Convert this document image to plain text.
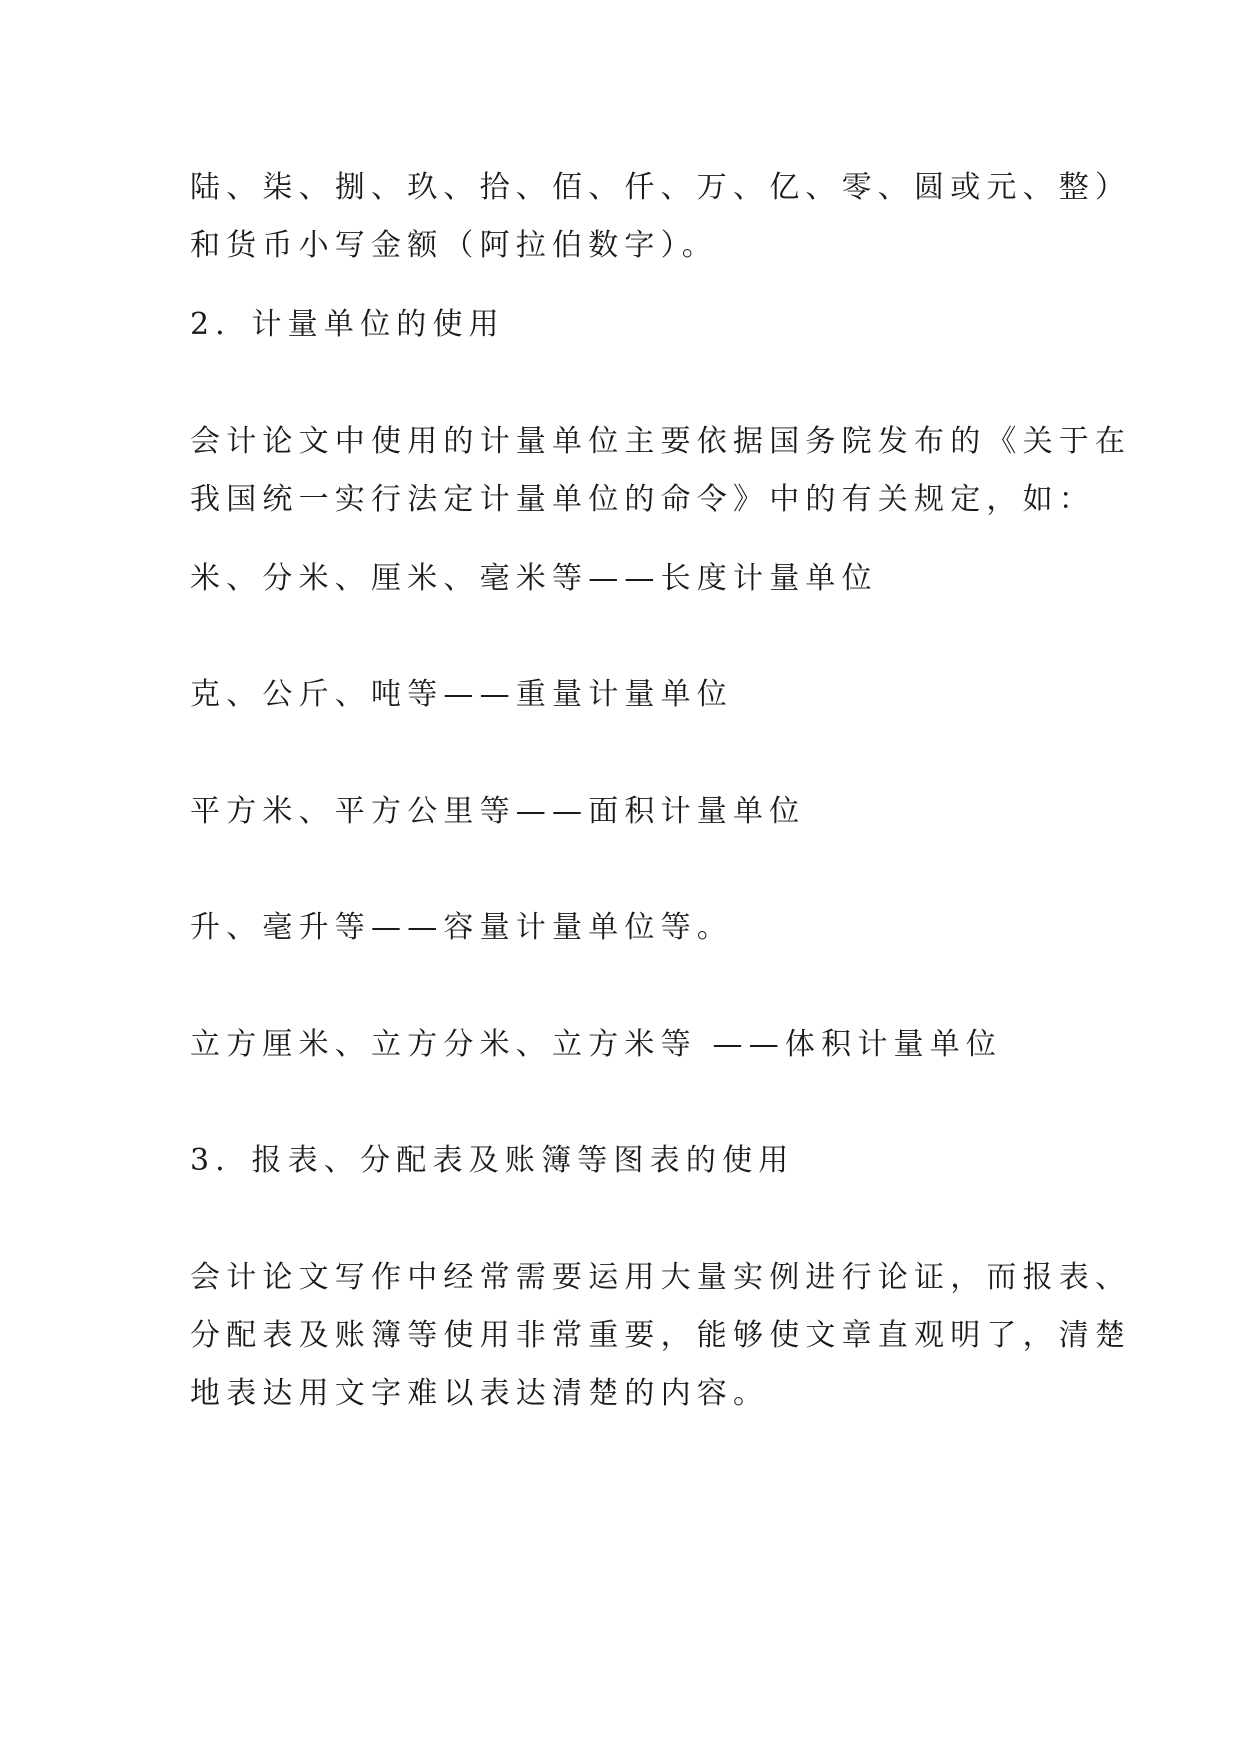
陆、柒、捌、玖、拾、佰、仟、万、亿、零、圆或元、整）
和货币小写金额（阿拉伯数字）。
2．计量单位的使用
会计论文中使用的计量单位主要依据国务院发布的《关于在
我国统一实行法定计量单位的命令》中的有关规定，如：
米、分米、厘米、毫米等——长度计量单位
克、公斤、吨等——重量计量单位
平方米、平方公里等——面积计量单位
升、毫升等——容量计量单位等。
立方厘米、立方分米、立方米等 ——体积计量单位
3．报表、分配表及账簿等图表的使用
会计论文写作中经常需要运用大量实例进行论证，而报表、
分配表及账簿等使用非常重要，能够使文章直观明了，清楚
地表达用文字难以表达清楚的内容。
